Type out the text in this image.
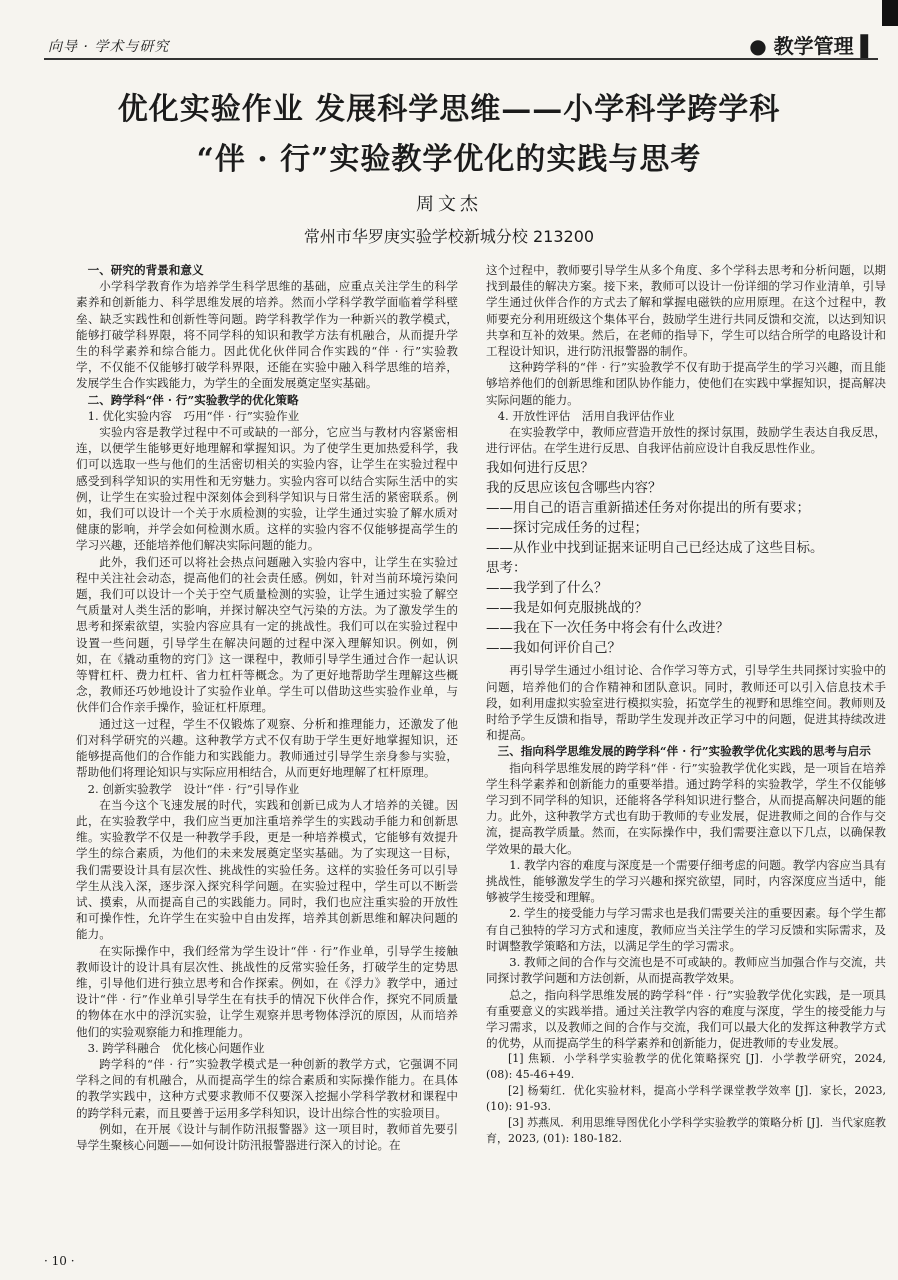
向导 · 学术与研究	● 教学管理 ▌
优化实验作业 发展科学思维——小学科学跨学科
“伴 · 行”实验教学优化的实践与思考
周文杰
常州市华罗庚实验学校新城分校 213200

一、研究的背景和意义

小学科学教育作为培养学生科学思维的基础，应重点关注学生的科学素养和创新能力、科学思维发展的培养。然而小学科学教学面临着学科壁垒、缺乏实践性和创新性等问题。跨学科教学作为一种新兴的教学模式，能够打破学科界限，将不同学科的知识和教学方法有机融合，从而提升学生的科学素养和综合能力。因此优化伙伴同合作实践的“伴 · 行”实验教学，不仅能不仅能够打破学科界限，还能在实验中融入科学思维的培养，发展学生合作实践能力，为学生的全面发展奠定坚实基础。

二、跨学科“伴 · 行”实验教学的优化策略

1. 优化实验内容　巧用“伴 · 行”实验作业

实验内容是教学过程中不可或缺的一部分，它应当与教材内容紧密相连，以便学生能够更好地理解和掌握知识。为了使学生更加热爱科学，我们可以选取一些与他们的生活密切相关的实验内容，让学生在实验过程中感受到科学知识的实用性和无穷魅力。实验内容可以结合实际生活中的实例，让学生在实验过程中深刻体会到科学知识与日常生活的紧密联系。例如，我们可以设计一个关于水质检测的实验，让学生通过实验了解水质对健康的影响，并学会如何检测水质。这样的实验内容不仅能够提高学生的学习兴趣，还能培养他们解决实际问题的能力。

此外，我们还可以将社会热点问题融入实验内容中，让学生在实验过程中关注社会动态，提高他们的社会责任感。例如，针对当前环境污染问题，我们可以设计一个关于空气质量检测的实验，让学生通过实验了解空气质量对人类生活的影响，并探讨解决空气污染的方法。为了激发学生的思考和探索欲望，实验内容应具有一定的挑战性。我们可以在实验过程中设置一些问题，引导学生在解决问题的过程中深入理解知识。例如，例如，在《撬动重物的窍门》这一课程中，教师引导学生通过合作一起认识等臂杠杆、费力杠杆、省力杠杆等概念。为了更好地帮助学生理解这些概念，教师还巧妙地设计了实验作业单。学生可以借助这些实验作业单，与伙伴们合作亲手操作，验证杠杆原理。

通过这一过程，学生不仅锻炼了观察、分析和推理能力，还激发了他们对科学研究的兴趣。这种教学方式不仅有助于学生更好地掌握知识，还能够提高他们的合作能力和实践能力。教师通过引导学生亲身参与实验，帮助他们将理论知识与实际应用相结合，从而更好地理解了杠杆原理。

2. 创新实验教学　设计“伴 · 行”引导作业

在当今这个飞速发展的时代，实践和创新已成为人才培养的关键。因此，在实验教学中，我们应当更加注重培养学生的实践动手能力和创新思维。实验教学不仅是一种教学手段，更是一种培养模式，它能够有效提升学生的综合素质，为他们的未来发展奠定坚实基础。为了实现这一目标，我们需要设计具有层次性、挑战性的实验任务。这样的实验任务可以引导学生从浅入深，逐步深入探究科学问题。在实验过程中，学生可以不断尝试、摸索，从而提高自己的实践能力。同时，我们也应注重实验的开放性和可操作性，允许学生在实验中自由发挥，培养其创新思维和解决问题的能力。

在实际操作中，我们经常为学生设计“伴 · 行”作业单，引导学生接触教师设计的设计具有层次性、挑战性的反常实验任务，打破学生的定势思维，引导他们进行独立思考和合作探索。例如，在《浮力》教学中，通过设计“伴 · 行”作业单引导学生在有扶手的情况下伙伴合作，探究不同质量的物体在水中的浮沉实验，让学生观察并思考物体浮沉的原因，从而培养他们的实验观察能力和推理能力。

3. 跨学科融合　优化核心问题作业

跨学科的“伴 · 行”实验教学模式是一种创新的教学方式，它强调不同学科之间的有机融合，从而提高学生的综合素质和实际操作能力。在具体的教学实践中，这种方式要求教师不仅要深入挖掘小学科学教材和课程中的跨学科元素，而且要善于运用多学科知识，设计出综合性的实验项目。

例如，在开展《设计与制作防汛报警器》这一项目时，教师首先要引导学生聚核心问题——如何设计防汛报警器进行深入的讨论。在

这个过程中，教师要引导学生从多个角度、多个学科去思考和分析问题，以期找到最佳的解决方案。接下来，教师可以设计一份详细的学习作业清单，引导学生通过伙伴合作的方式去了解和掌握电磁铁的应用原理。在这个过程中，教师要充分利用班级这个集体平台，鼓励学生进行共同反馈和交流，以达到知识共享和互补的效果。然后，在老师的指导下，学生可以结合所学的电路设计和工程设计知识，进行防汛报警器的制作。

这种跨学科的“伴 · 行”实验教学不仅有助于提高学生的学习兴趣，而且能够培养他们的创新思维和团队协作能力，使他们在实践中掌握知识，提高解决实际问题的能力。

4. 开放性评估　活用自我评估作业

在实验教学中，教师应营造开放性的探讨氛围，鼓励学生表达自我反思，进行评估。在学生进行反思、自我评估前应设计自我反思性作业。

我如何进行反思？
我的反思应该包含哪些内容？
——用自己的语言重新描述任务对你提出的所有要求；
——探讨完成任务的过程；
——从作业中找到证据来证明自己已经达成了这些目标。
思考：
——我学到了什么？
——我是如何克服挑战的？
——我在下一次任务中将会有什么改进？
——我如何评价自己？

再引导学生通过小组讨论、合作学习等方式，引导学生共同探讨实验中的问题，培养他们的合作精神和团队意识。同时，教师还可以引入信息技术手段，如利用虚拟实验室进行模拟实验，拓宽学生的视野和思维空间。教师则及时给予学生反馈和指导，帮助学生发现并改正学习中的问题，促进其持续改进和提高。

三、指向科学思维发展的跨学科“伴 · 行”实验教学优化实践的思考与启示

指向科学思维发展的跨学科“伴 · 行”实验教学优化实践，是一项旨在培养学生科学素养和创新能力的重要举措。通过跨学科的实验教学，学生不仅能够学习到不同学科的知识，还能将各学科知识进行整合，从而提高解决问题的能力。此外，这种教学方式也有助于教师的专业发展，促进教师之间的合作与交流，提高教学质量。然而，在实际操作中，我们需要注意以下几点，以确保教学效果的最大化。

1. 教学内容的难度与深度是一个需要仔细考虑的问题。教学内容应当具有挑战性，能够激发学生的学习兴趣和探究欲望，同时，内容深度应当适中，能够被学生接受和理解。

2. 学生的接受能力与学习需求也是我们需要关注的重要因素。每个学生都有自己独特的学习方式和速度，教师应当关注学生的学习反馈和实际需求，及时调整教学策略和方法，以满足学生的学习需求。

3. 教师之间的合作与交流也是不可或缺的。教师应当加强合作与交流，共同探讨教学问题和方法创新，从而提高教学效果。

总之，指向科学思维发展的跨学科“伴 · 行”实验教学优化实践，是一项具有重要意义的实践举措。通过关注教学内容的难度与深度，学生的接受能力与学习需求，以及教师之间的合作与交流，我们可以最大化的发挥这种教学方式的优势，从而提高学生的科学素养和创新能力，促进教师的专业发展。

[1] 焦颖．小学科学实验教学的优化策略探究 [J]．小学教学研究，2024, (08): 45-46+49.

[2] 杨菊红．优化实验材料，提高小学科学课堂教学效率 [J]．家长，2023, (10): 91-93.

[3] 苏燕凤．利用思维导图优化小学科学实验教学的策略分析 [J]．当代家庭教育，2023, (01): 180-182.

· 10 ·
